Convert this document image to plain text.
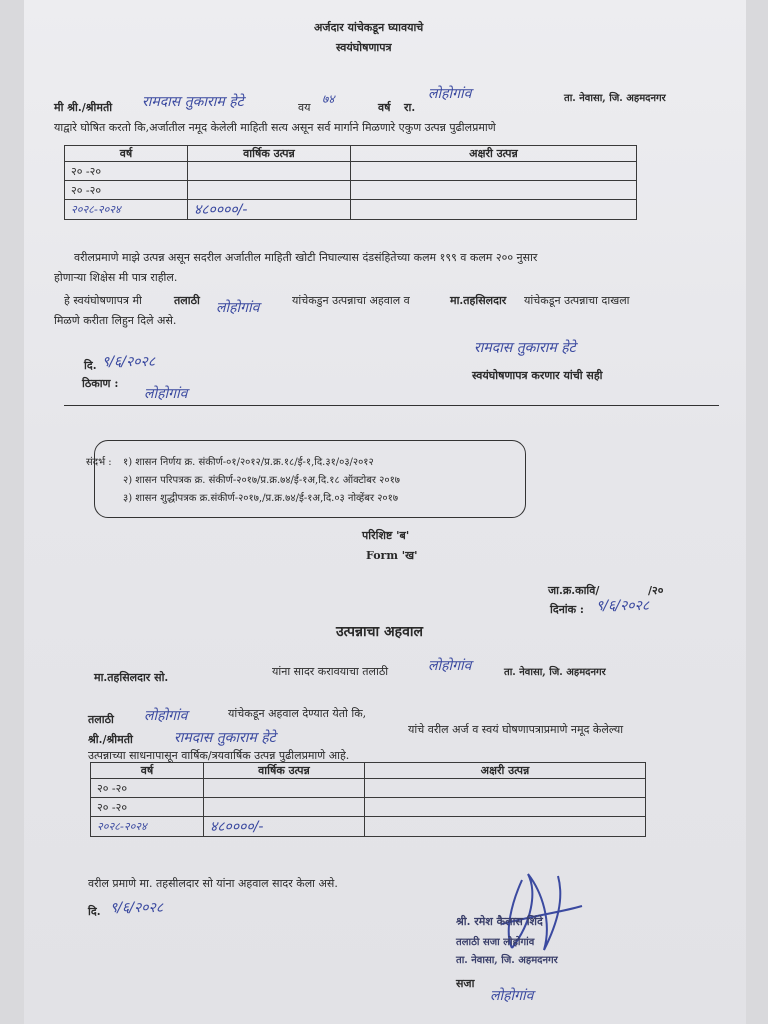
अर्जदार यांचेकडून घ्यावयाचे
स्वयंघोषणापत्र
मी श्री./श्रीमती रामदास तुकाराम हेटे	वय
७४
वर्ष रा.
लोहोगांव	ता. नेवासा, जि. अहमदनगर
याद्वारे घोषित करतो कि,अर्जातील नमूद केलेली माहिती सत्य असून सर्व मार्गाने मिळणारे एकुण उत्पन्न पुढीलप्रमाणे
वर्ष	वार्षिक उत्पन्न	अक्षरी उत्पन्न
२० -२०		
२० -२०		
२०२८-२०२४	४८००००/-	
वरीलप्रमाणे माझे उत्पन्न असून सदरील अर्जातील माहिती खोटी निघाल्यास दंडसंहितेच्या कलम १९९ व कलम २०० नुसार
होणाऱ्या शिक्षेस मी पात्र राहील.
हे स्वयंघोषणापत्र मी	तलाठी लोहोगांव	यांचेकडुन उत्पन्नाचा अहवाल व	मा.तहसिलदार यांचेकडून उत्पन्नाचा दाखला
मिळणे करीता लिहुन दिले असे.
दि. ९/६/२०२८
ठिकाण :
लोहोगांव
रामदास तुकाराम हेटे
स्वयंघोषणापत्र करणार यांची सही
संदर्भ : १) शासन निर्णय क्र. संकीर्ण-०१/२०१२/प्र.क्र.१८/ई-१,दि.३१/०३/२०१२
२) शासन परिपत्रक क्र. संकीर्ण-२०१७/प्र.क्र.७४/ई-१अ,दि.१८ ऑक्टोबर २०१७
३) शासन शुद्धीपत्रक क्र.संकीर्ण-२०१७,/प्र.क्र.७४/ई-१अ,दि.०३ नोव्हेंबर २०१७
परिशिष्ट 'ब'
Form 'ख'
जा.क्र.कावि/	/२०
दिनांक : ९/६/२०२८
उत्पन्नाचा अहवाल
मा.तहसिलदार सो.	यांना सादर करावयाचा तलाठी	लोहोगांव	ता. नेवासा, जि. अहमदनगर
तलाठी लोहोगांव	यांचेकडून अहवाल देण्यात येतो कि,
श्री./श्रीमती	रामदास तुकाराम हेटे
यांचे वरील अर्ज व स्वयं घोषणापत्राप्रमाणे नमूद केलेल्या
उत्पन्नाच्या साधनापासून वार्षिक/त्रयवार्षिक उत्पन्न पुढीलप्रमाणे आहे.
वर्ष	वार्षिक उत्पन्न	अक्षरी उत्पन्न
२० -२०		
२० -२०		
२०२८-२०२४	४८००००/-	
वरील प्रमाणे मा. तहसीलदार सो यांना अहवाल सादर केला असे.
दि. ९/६/२०२८
श्री. रमेश कैलास शिंदे
तलाठी सजा लोहोगांव
ता. नेवासा, जि. अहमदनगर
सजा
लोहोगांव
